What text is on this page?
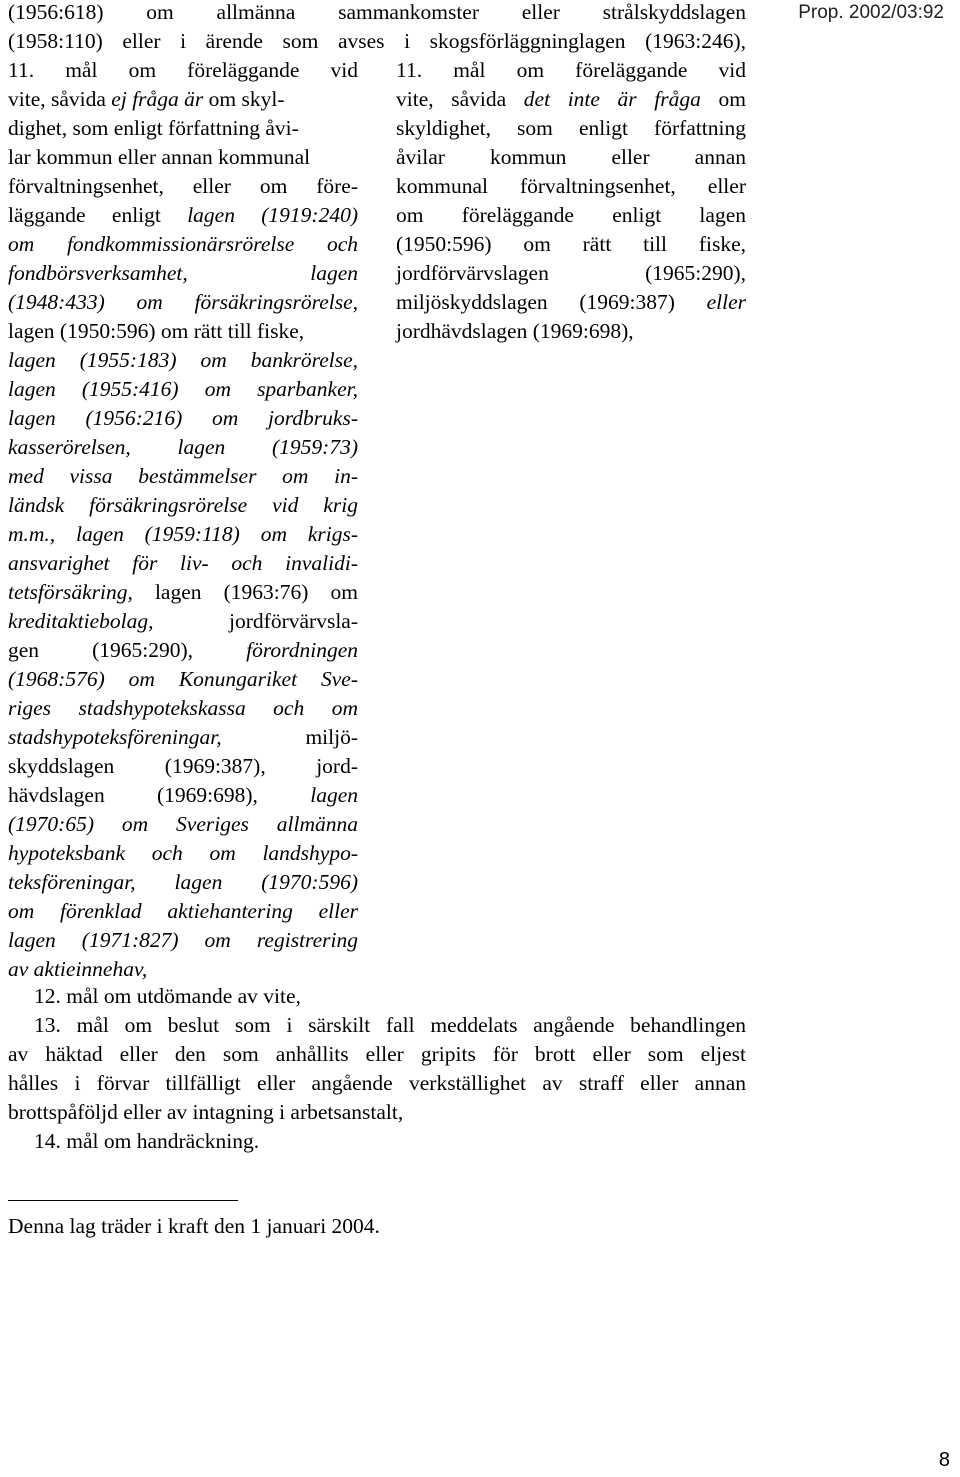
Prop. 2002/03:92
(1956:618) om allmänna sammankomster eller strålskyddslagen
(1958:110) eller i ärende som avses i skogsförläggninglagen (1963:246),
11. mål om föreläggande vid
vite, såvida ej fråga är om skyl-
dighet, som enligt författning åvi-
lar kommun eller annan kommunal
förvaltningsenhet, eller om före-
läggande enligt lagen (1919:240)
om fondkommissionärsrörelse och
fondbörsverksamhet, lagen
(1948:433) om försäkringsrörelse,
lagen (1950:596) om rätt till fiske,
lagen (1955:183) om bankrörelse,
lagen (1955:416) om sparbanker,
lagen (1956:216) om jordbruks-
kasserörelsen, lagen (1959:73)
med vissa bestämmelser om in-
ländsk försäkringsrörelse vid krig
m.m., lagen (1959:118) om krigs-
ansvarighet för liv- och invalidi-
tetsförsäkring, lagen (1963:76) om
kreditaktiebolag, jordförvärvsla-
gen (1965:290), förordningen
(1968:576) om Konungariket Sve-
riges stadshypotekskassa och om
stadshypoteksföreningar, miljö-
skyddslagen (1969:387), jord-
hävdslagen (1969:698), lagen
(1970:65) om Sveriges allmänna
hypoteksbank och om landshypo-
teksföreningar, lagen (1970:596)
om förenklad aktiehantering eller
lagen (1971:827) om registrering
av aktieinnehav,
11. mål om föreläggande vid
vite, såvida det inte är fråga om
skyldighet, som enligt författning
åvilar kommun eller annan
kommunal förvaltningsenhet, eller
om föreläggande enligt lagen
(1950:596) om rätt till fiske,
jordförvärvslagen (1965:290),
miljöskyddslagen (1969:387) eller
jordhävdslagen (1969:698),
12. mål om utdömande av vite,
13. mål om beslut som i särskilt fall meddelats angående behandlingen
av häktad eller den som anhållits eller gripits för brott eller som eljest
hålles i förvar tillfälligt eller angående verkställighet av straff eller annan
brottspåföljd eller av intagning i arbetsanstalt,
14. mål om handräckning.
Denna lag träder i kraft den 1 januari 2004.
8
